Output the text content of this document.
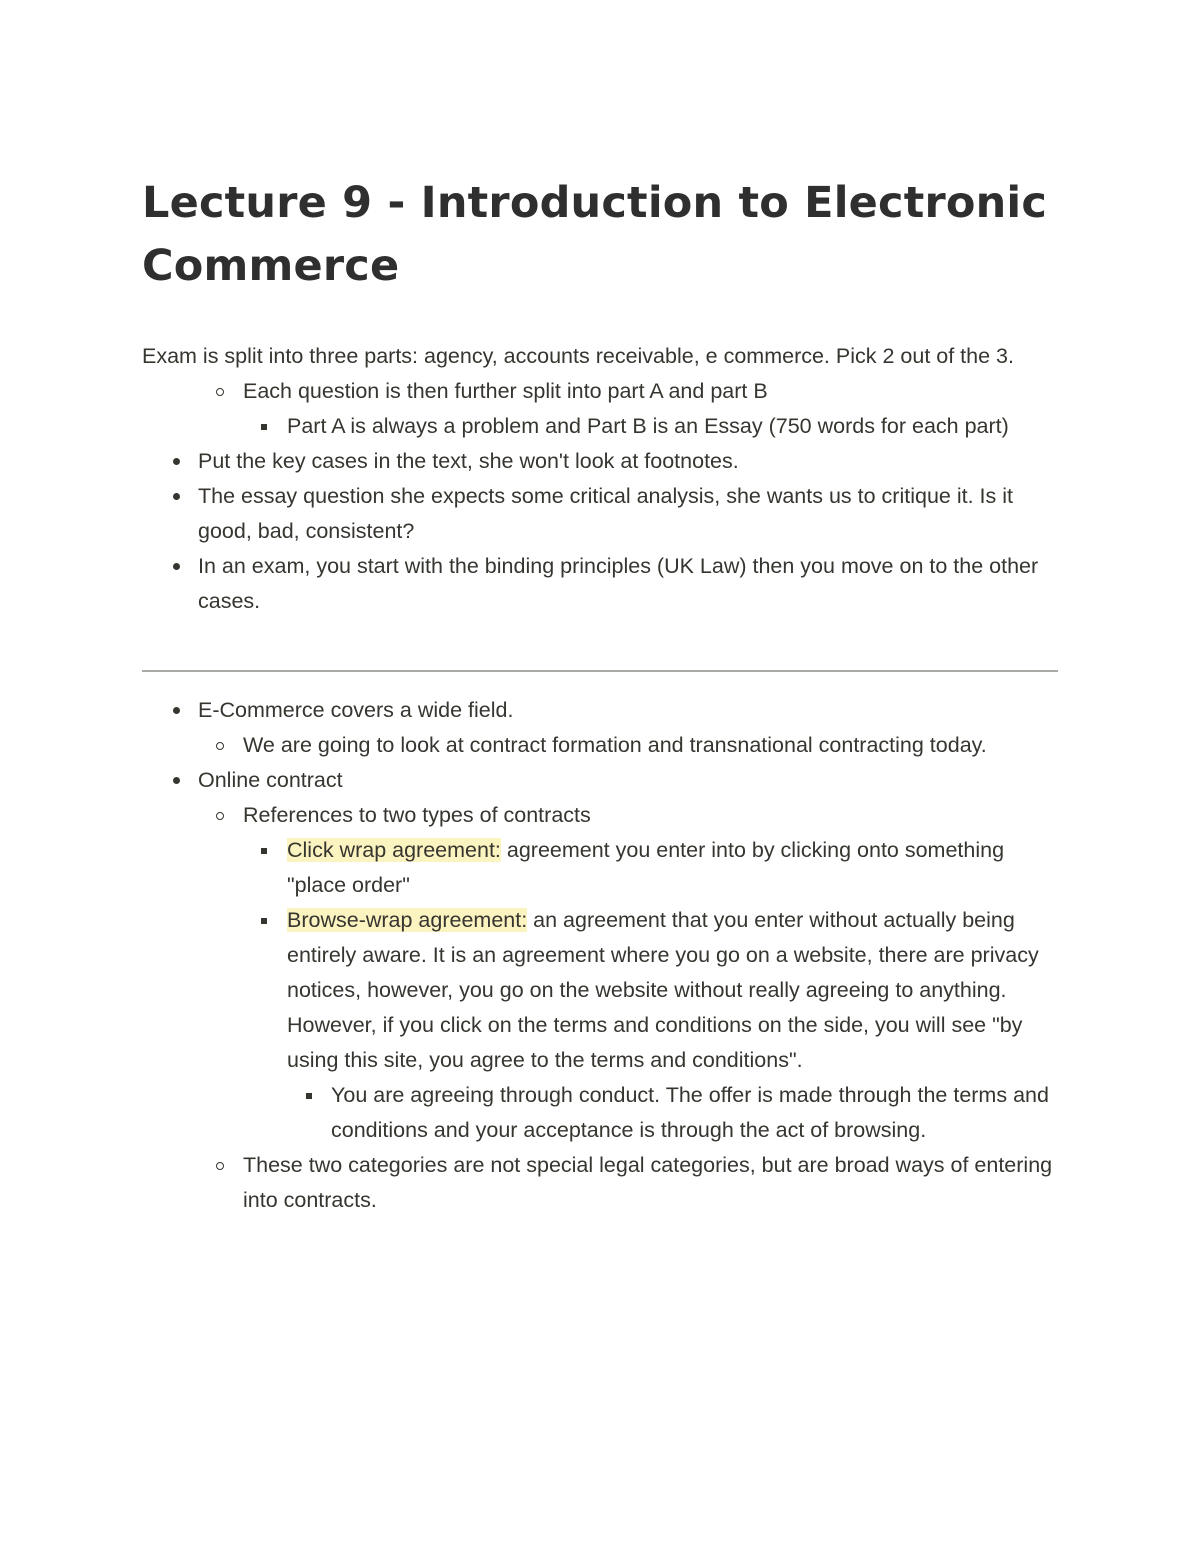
Lecture 9 - Introduction to Electronic Commerce
Exam is split into three parts: agency, accounts receivable, e commerce. Pick 2 out of the 3.
Each question is then further split into part A and part B
Part A is always a problem and Part B is an Essay (750 words for each part)
Put the key cases in the text, she won't look at footnotes.
The essay question she expects some critical analysis, she wants us to critique it. Is it good, bad, consistent?
In an exam, you start with the binding principles (UK Law) then you move on to the other cases.
E-Commerce covers a wide field.
We are going to look at contract formation and transnational contracting today.
Online contract
References to two types of contracts
Click wrap agreement: agreement you enter into by clicking onto something "place order"
Browse-wrap agreement: an agreement that you enter without actually being entirely aware. It is an agreement where you go on a website, there are privacy notices, however, you go on the website without really agreeing to anything. However, if you click on the terms and conditions on the side, you will see "by using this site, you agree to the terms and conditions".
You are agreeing through conduct. The offer is made through the terms and conditions and your acceptance is through the act of browsing.
These two categories are not special legal categories, but are broad ways of entering into contracts.
